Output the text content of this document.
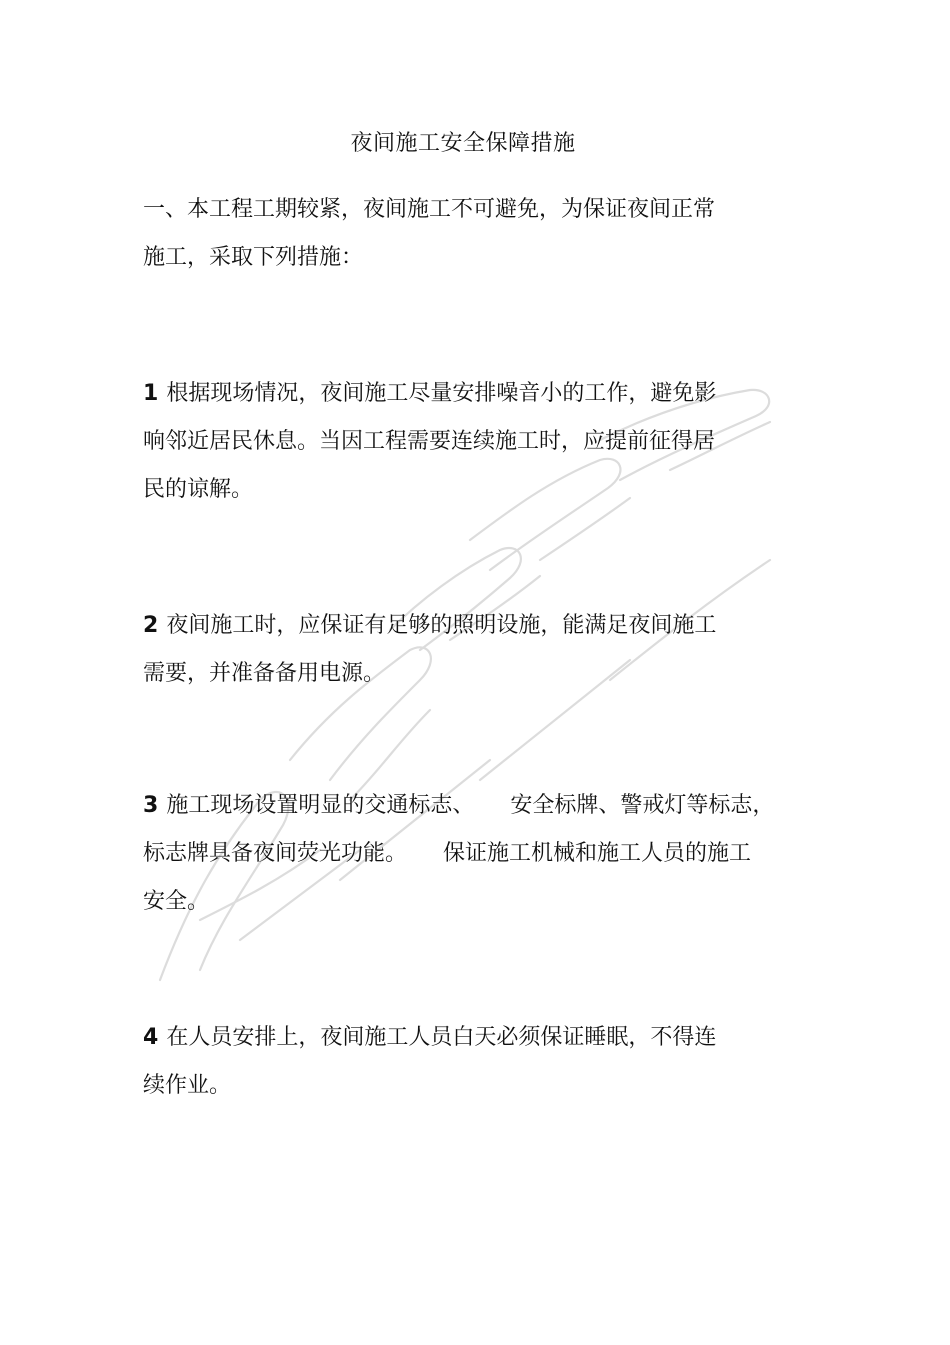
夜间施工安全保障措施
一、本工程工期较紧，夜间施工不可避免，为保证夜间正常
施工，采取下列措施：
1 根据现场情况，夜间施工尽量安排噪音小的工作，避免影
响邻近居民休息。当因工程需要连续施工时，应提前征得居
民的谅解。
2 夜间施工时，应保证有足够的照明设施，能满足夜间施工
需要，并准备备用电源。
3 施工现场设置明显的交通标志、 安全标牌、警戒灯等标志，
标志牌具备夜间荧光功能。 保证施工机械和施工人员的施工
安全。
4 在人员安排上，夜间施工人员白天必须保证睡眠，不得连
续作业。
